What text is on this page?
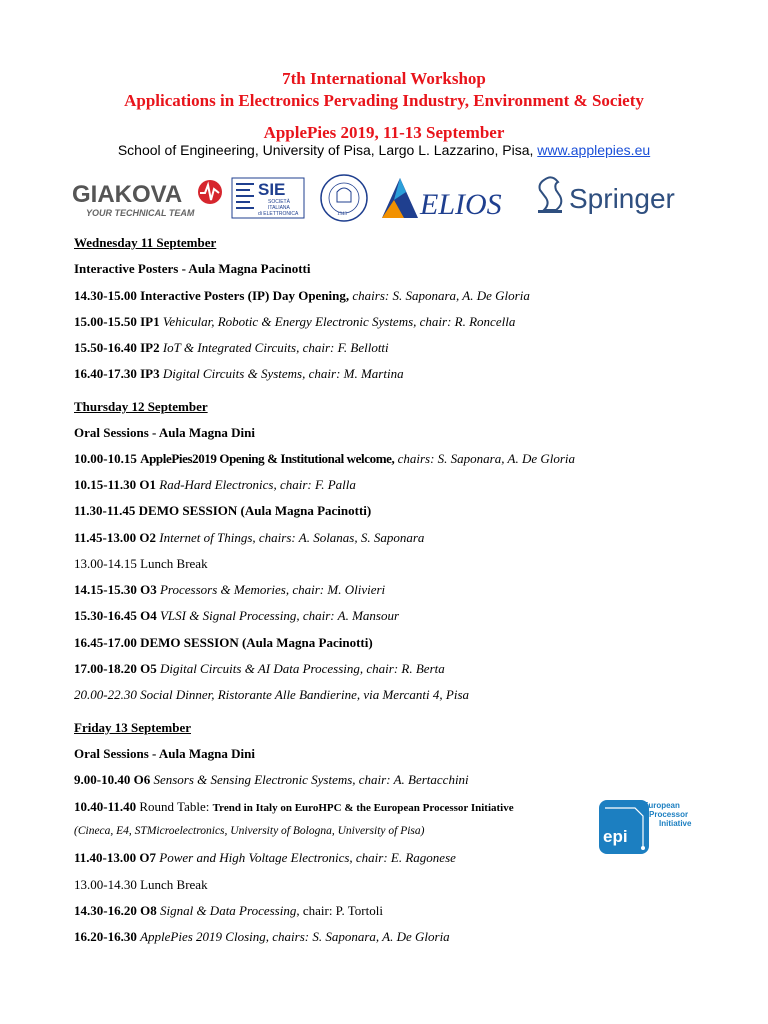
7th International Workshop
Applications in Electronics Pervading Industry, Environment & Society
ApplePies 2019, 11-13 September
School of Engineering, University of Pisa, Largo L. Lazzarino, Pisa, www.applepies.eu
GIAKOVA
YOUR TECHNICAL TEAM
SIE
SOCIETÀ
ITALIANA
di ELETTRONICA	1343 ELIOS Springer
Wednesday 11 September
Interactive Posters - Aula Magna Pacinotti
14.30-15.00 Interactive Posters (IP) Day Opening, chairs: S. Saponara, A. De Gloria
15.00-15.50 IP1 Vehicular, Robotic & Energy Electronic Systems, chair: R. Roncella
15.50-16.40 IP2 IoT & Integrated Circuits, chair: F. Bellotti
16.40-17.30 IP3 Digital Circuits & Systems, chair: M. Martina
Thursday 12 September
Oral Sessions - Aula Magna Dini
10.00-10.15 ApplePies2019 Opening & Institutional welcome, chairs: S. Saponara, A. De Gloria
10.15-11.30 O1 Rad-Hard Electronics, chair: F. Palla
11.30-11.45 DEMO SESSION (Aula Magna Pacinotti)
11.45-13.00 O2 Internet of Things, chairs: A. Solanas, S. Saponara
13.00-14.15 Lunch Break
14.15-15.30 O3 Processors & Memories, chair: M. Olivieri
15.30-16.45 O4 VLSI & Signal Processing, chair: A. Mansour
16.45-17.00 DEMO SESSION (Aula Magna Pacinotti)
17.00-18.20 O5 Digital Circuits & AI Data Processing, chair: R. Berta
20.00-22.30 Social Dinner, Ristorante Alle Bandierine, via Mercanti 4, Pisa
Friday 13 September
Oral Sessions - Aula Magna Dini
9.00-10.40 O6 Sensors & Sensing Electronic Systems, chair: A. Bertacchini
10.40-11.40 Round Table: Trend in Italy on EuroHPC & the European Processor Initiative
(Cineca, E4, STMicroelectronics, University of Bologna, University of Pisa)
11.40-13.00 O7 Power and High Voltage Electronics, chair: E. Ragonese
13.00-14.30 Lunch Break
14.30-16.20 O8 Signal & Data Processing, chair: P. Tortoli
16.20-16.30 ApplePies 2019 Closing, chairs: S. Saponara, A. De Gloria
epi
European
Processor
Initiative
